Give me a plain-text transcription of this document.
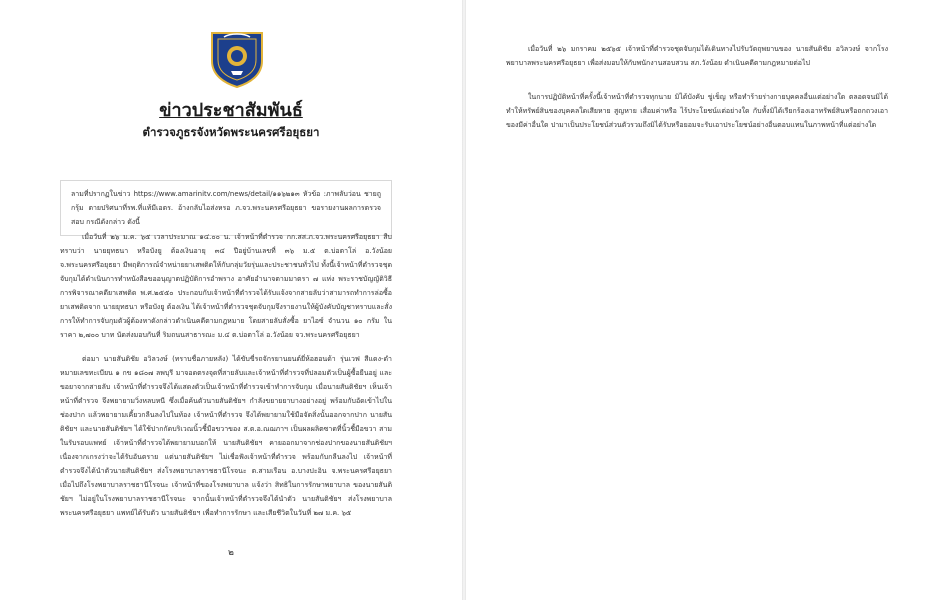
ข่าวประชาสัมพันธ์
ตำรวจภูธรจังหวัดพระนครศรีอยุธยา

ลามที่ปรากฏในข่าว https://www.amarinitv.com/news/detail/๑๑๖๒๑๓ หัวข้อ :ภาพลับว่อน ชายถูกรุ้ม ตายปริศนาที่รพ.ที่แท้มีเอตร. อ้างกลับไอส่งหรอ ภ.จว.พระนครศรีอยุธยา ขอรายงานผลการตรวจสอบ กรณีดังกล่าว ดังนี้

เมื่อวันที่ ๒๖ ม.ค. ๖๕ เวลาประมาณ ๑๔.๐๐ น. เจ้าหน้าที่ตำรวจ กก.สส.ภ.จว.พระนครศรีอยุธยา สืบทราบว่า นายยุทธนา หรือบังยู ต้องเงินอายุ ๓๔ ปีอยู่บ้านเลขที่ ๓๖ ม.๕ ต.บ่อตาโล่ อ.วังน้อย จ.พระนครศรีอยุธยา มีพฤติการณ์จำหน่ายยาเสพติดให้กับกลุ่มวัยรุ่นและประชาชนทั่วไป ทั้งนี้เจ้าหน้าที่ตำรวจชุดจับกุมได้ดำเนินการทำหนังสือขออนุญาตปฏิบัติการอำพราง อาศัยอำนาจตามมาตรา ๗ แห่ง พระราชบัญญัติวิธีการพิจารณาคดียาเสพติด พ.ศ.๒๕๕๐ ประกอบกับเจ้าหน้าที่ตำรวจได้รับแจ้งจากสายลับว่าสามารถทำการล่อซื้อยาเสพติดจาก นายยุทธนา หรือบังยู ต้องเงิน ได้เจ้าหน้าที่ตำรวจชุดจับกุมจึงรายงานให้ผู้บังคับบัญชาทราบและสั่งการให้ทำการจับกุมตัวผู้ต้องหาดังกล่าวดำเนินคดีตามกฎหมาย โดยสายลับสั่งซื้อ ยาไอซ์ จำนวน ๑๐ กรัม ในราคา ๒,๗๐๐ บาท นัดส่งมอบกันที่ ริมถนนสาธารณะ ม.๔ ต.บ่อตาโล่ อ.วังน้อย จว.พระนครศรีอยุธยา

ต่อมา นายสันติชัย อวิลวงษ์ (ทราบชื่อภายหลัง) ได้ขับขี่รถจักรยานยนต์ยี่ห้อฮอนด้า รุ่นเวฟ สีแดง-ดำ หมายเลขทะเบียน ๑ กข ๑๘๐๗ ลพบุรี มาจอดตรงจุดที่สายลับและเจ้าหน้าที่ตำรวจที่ปลอมตัวเป็นผู้ซื้อยืนอยู่ และขอยาจากสายลับ เจ้าหน้าที่ตำรวจจึงได้แสดงตัวเป็นเจ้าหน้าที่ตำรวจเข้าทำการจับกุม เมื่อนายสันติชัยฯ เห็นเจ้าหน้าที่ตำรวจ จึงพยายามวิ่งหลบหนี ซึ่งเมื่อค้นตัวนายสันติชัยฯ กำลังขยายยาบางอย่างอยู่ พร้อมกับอัดเข้าไปในช่องปาก แล้วพยายามเคี้ยวกลืนลงไปในท้อง เจ้าหน้าที่ตำรวจ จึงได้พยายามใช้มือจัดสิ่งนั้นออกจากปาก นายสันติชัยฯ และนายสันติชัยฯ ได้ใช้ปากกัดบริเวณนิ้วชี้มือขวาของ ส.ต.อ.ณฌภาฯ เป็นผลผลิตซาดที่นิ้วชี้มือขวา สามในรับรอบแพทย์ เจ้าหน้าที่ตำรวจได้พยายามบอกให้ นายสันติชัยฯ คายออกมาจากช่องปากของนายสันติชัยฯ เนื่องจากเกรงว่าจะได้รับอันตราย แต่นายสันติชัยฯ ไม่เชื่อฟังเจ้าหน้าที่ตำรวจ พร้อมกับกลืนลงไป เจ้าหน้าที่ตำรวจจึงได้นำตัวนายสันติชัยฯ ส่งโรงพยาบาลราชธานีโรจนะ ต.สามเรือน อ.บางปะอิน จ.พระนครศรีอยุธยา เมื่อไปถึงโรงพยาบาลราชธานีโรจนะ เจ้าหน้าที่ของโรงพยาบาล แจ้งว่า สิทธิในการรักษาพยาบาล ของนายสันติชัยฯ ไม่อยู่ในโรงพยาบาลราชธานีโรจนะ จากนั้นเจ้าหน้าที่ตำรวจจึงได้นำตัว นายสันติชัยฯ ส่งโรงพยาบาลพระนครศรีอยุธยา แพทย์ได้รับตัว นายสันติชัยฯ เพื่อทำการรักษา และเสียชีวิตในวันที่ ๒๗ ม.ค. ๖๕

๒

เมื่อวันที่ ๒๖ มกราคม ๒๕๖๕ เจ้าหน้าที่ตำรวจชุดจับกุมได้เดินทางไปรับวัตถุพยานของ นายสันติชัย อวิลวงษ์ จากโรงพยาบาลพระนครศรีอยุธยา เพื่อส่งมอบให้กับพนักงานสอบสวน สภ.วังน้อย ดำเนินคดีตามกฎหมายต่อไป

ในการปฏิบัติหน้าที่ครั้งนี้เจ้าหน้าที่ตำรวจทุกนาย มิได้บังคับ ขู่เข็ญ หรือทำร้ายร่างกายบุคคลอื่นแต่อย่างใด ตลอดจนมิได้ทำให้ทรัพย์สินของบุคคลใดเสียหาย สูญหาย เสื่อมค่าหรือ ไร้ประโยชน์แต่อย่างใด กับทั้งมิได้เรียกร้องเอาทรัพย์สินหรือถกถวงเอาของมีค่าอื่นใด ปามาเป็นประโยชน์ส่วนตัวรวมถึงมิได้รับหรือยอมจะรับเอาประโยชน์อย่างอื่นตอบแทนในภาพหน้าที่แต่อย่างใด
